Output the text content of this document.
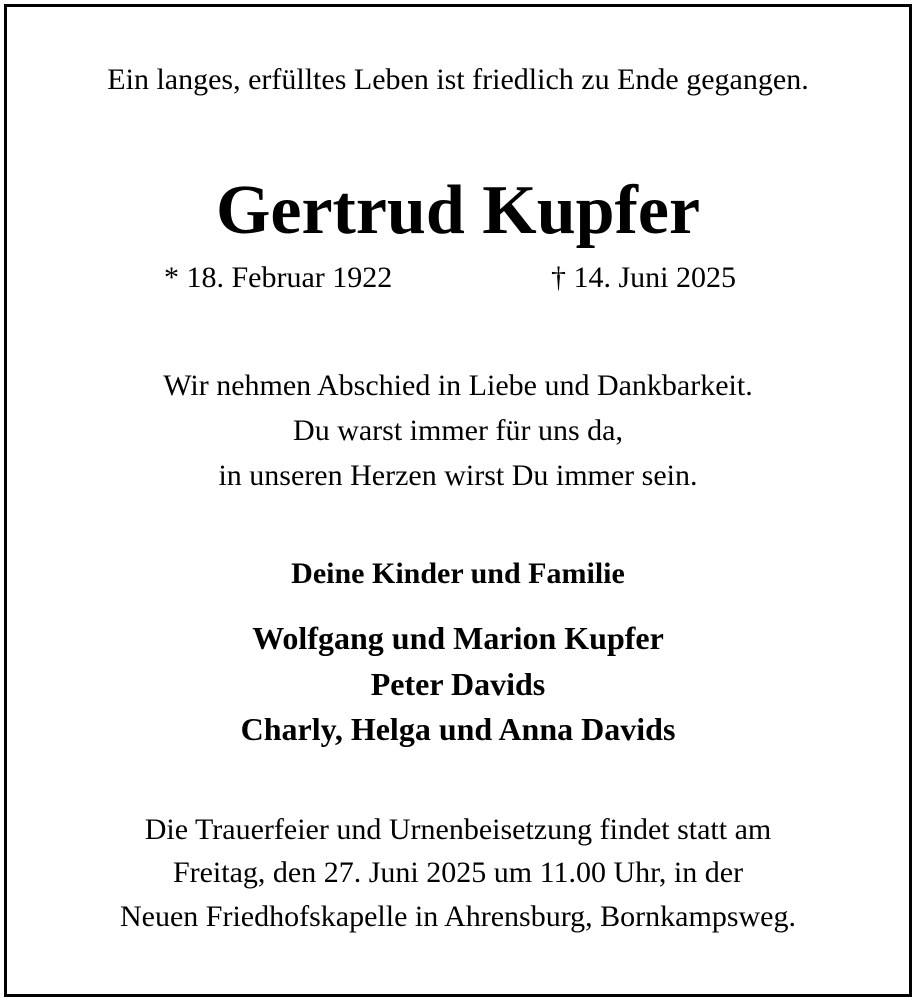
Ein langes, erfülltes Leben ist friedlich zu Ende gegangen.
Gertrud Kupfer
* 18. Februar 1922	† 14. Juni 2025
Wir nehmen Abschied in Liebe und Dankbarkeit.
Du warst immer für uns da,
in unseren Herzen wirst Du immer sein.
Deine Kinder und Familie
Wolfgang und Marion Kupfer
Peter Davids
Charly, Helga und Anna Davids
Die Trauerfeier und Urnenbeisetzung findet statt am
Freitag, den 27. Juni 2025 um 11.00 Uhr, in der
Neuen Friedhofskapelle in Ahrensburg, Bornkampsweg.
